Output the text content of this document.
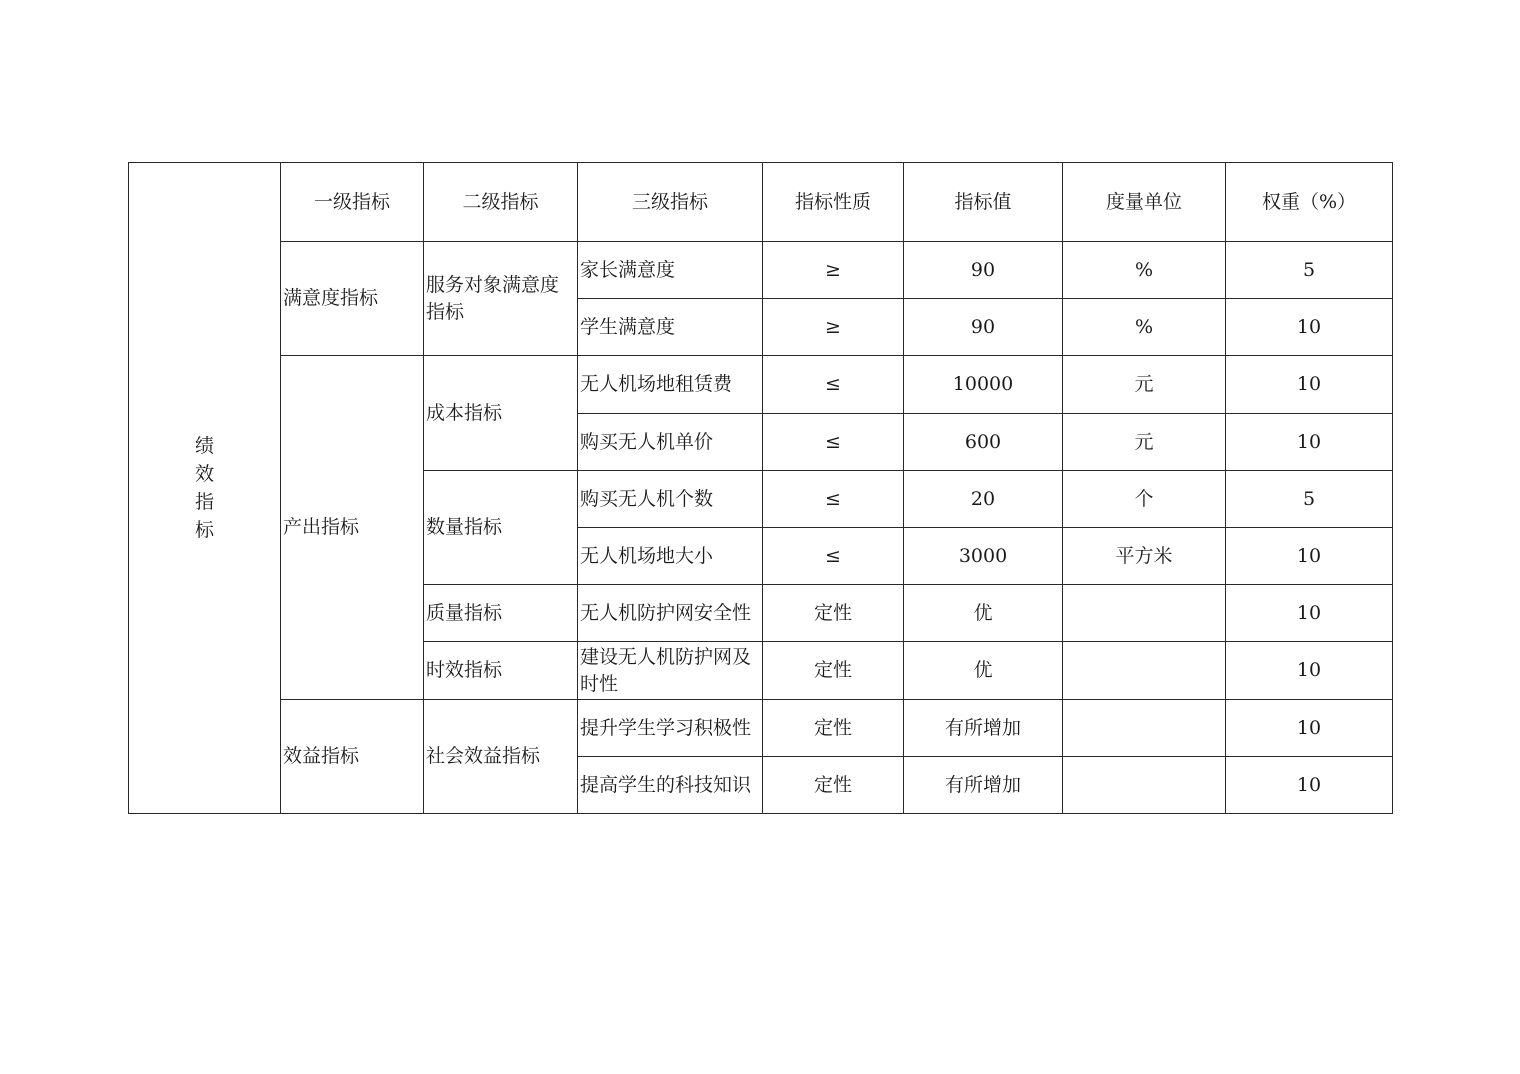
绩
效
指
标	一级指标	二级指标	三级指标	指标性质	指标值	度量单位	权重（%）
	满意度指标	服务对象满意度指标	家长满意度	≥	90	%	5
			学生满意度	≥	90	%	10
	产出指标	成本指标	无人机场地租赁费	≤	10000	元	10
			购买无人机单价	≤	600	元	10
		数量指标	购买无人机个数	≤	20	个	5
			无人机场地大小	≤	3000	平方米	10
		质量指标	无人机防护网安全性	定性	优		10
		时效指标	建设无人机防护网及时性	定性	优		10
	效益指标	社会效益指标	提升学生学习积极性	定性	有所增加		10
			提高学生的科技知识	定性	有所增加		10
